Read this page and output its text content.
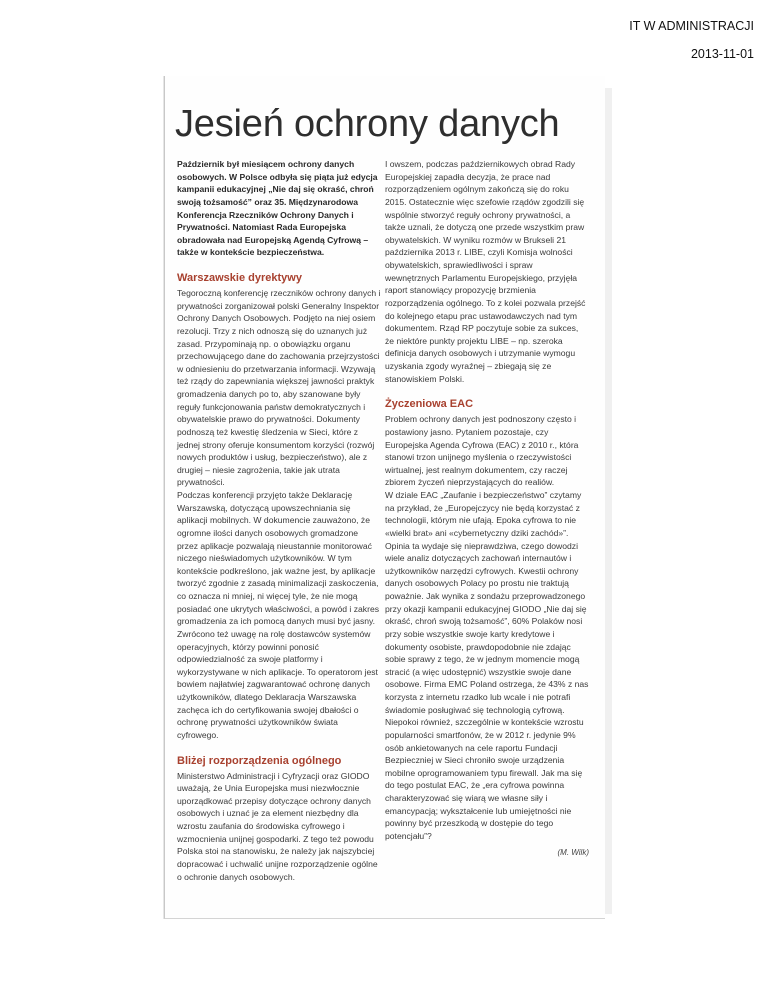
IT W ADMINISTRACJI

2013-11-01

Jesień ochrony danych

Październik był miesiącem ochrony danych osobowych. W Polsce odbyła się piąta już edycja kampanii edukacyjnej „Nie daj się okraść, chroń swoją tożsamość” oraz 35. Międzynarodowa Konferencja Rzeczników Ochrony Danych i Prywatności. Natomiast Rada Europejska obradowała nad Europejską Agendą Cyfrową – także w kontekście bezpieczeństwa.

Warszawskie dyrektywy

Tegoroczną konferencję rzeczników ochrony danych i prywatności zorganizował polski Generalny Inspektor Ochrony Danych Osobowych. Podjęto na niej osiem rezolucji. Trzy z nich odnoszą się do uznanych już zasad. Przypominają np. o obowiązku organu przechowującego dane do zachowania przejrzystości w odniesieniu do przetwarzania informacji. Wzywają też rządy do zapewniania większej jawności praktyk gromadzenia danych po to, aby szanowane były reguły funkcjonowania państw demokratycznych i obywatelskie prawo do prywatności. Dokumenty podnoszą też kwestię śledzenia w Sieci, które z jednej strony oferuje konsumentom korzyści (rozwój nowych produktów i usług, bezpieczeństwo), ale z drugiej – niesie zagrożenia, takie jak utrata prywatności.

Podczas konferencji przyjęto także Deklarację Warszawską, dotyczącą upowszechniania się aplikacji mobilnych. W dokumencie zauważono, że ogromne ilości danych osobowych gromadzone przez aplikacje pozwalają nieustannie monitorować niczego nieświadomych użytkowników. W tym kontekście podkreślono, jak ważne jest, by aplikacje tworzyć zgodnie z zasadą minimalizacji zaskoczenia, co oznacza ni mniej, ni więcej tyle, że nie mogą posiadać one ukrytych właściwości, a powód i zakres gromadzenia za ich pomocą danych musi być jasny. Zwrócono też uwagę na rolę dostawców systemów operacyjnych, którzy powinni ponosić odpowiedzialność za swoje platformy i wykorzystywane w nich aplikacje. To operatorom jest bowiem najłatwiej zagwarantować ochronę danych użytkowników, dlatego Deklaracja Warszawska zachęca ich do certyfikowania swojej dbałości o ochronę prywatności użytkowników świata cyfrowego.

Bliżej rozporządzenia ogólnego

Ministerstwo Administracji i Cyfryzacji oraz GIODO uważają, że Unia Europejska musi niezwłocznie uporządkować przepisy dotyczące ochrony danych osobowych i uznać je za element niezbędny dla wzrostu zaufania do środowiska cyfrowego i wzmocnienia unijnej gospodarki. Z tego też powodu Polska stoi na stanowisku, że należy jak najszybciej dopracować i uchwalić unijne rozporządzenie ogólne o ochronie danych osobowych.

I owszem, podczas październikowych obrad Rady Europejskiej zapadła decyzja, że prace nad rozporządzeniem ogólnym zakończą się do roku 2015. Ostatecznie więc szefowie rządów zgodzili się wspólnie stworzyć reguły ochrony prywatności, a także uznali, że dotyczą one przede wszystkim praw obywatelskich. W wyniku rozmów w Brukseli 21 października 2013 r. LIBE, czyli Komisja wolności obywatelskich, sprawiedliwości i spraw wewnętrznych Parlamentu Europejskiego, przyjęła raport stanowiący propozycję brzmienia rozporządzenia ogólnego. To z kolei pozwala przejść do kolejnego etapu prac ustawodawczych nad tym dokumentem. Rząd RP poczytuje sobie za sukces, że niektóre punkty projektu LIBE – np. szeroka definicja danych osobowych i utrzymanie wymogu uzyskania zgody wyraźnej – zbiegają się ze stanowiskiem Polski.

Życzeniowa EAC

Problem ochrony danych jest podnoszony często i postawiony jasno. Pytaniem pozostaje, czy Europejska Agenda Cyfrowa (EAC) z 2010 r., która stanowi trzon unijnego myślenia o rzeczywistości wirtualnej, jest realnym dokumentem, czy raczej zbiorem życzeń nieprzystających do realiów.

W dziale EAC „Zaufanie i bezpieczeństwo” czytamy na przykład, że „Europejczycy nie będą korzystać z technologii, którym nie ufają. Epoka cyfrowa to nie «wielki brat» ani «cybernetyczny dziki zachód»”. Opinia ta wydaje się nieprawdziwa, czego dowodzi wiele analiz dotyczących zachowań internautów i użytkowników narzędzi cyfrowych. Kwestii ochrony danych osobowych Polacy po prostu nie traktują poważnie. Jak wynika z sondażu przeprowadzonego przy okazji kampanii edukacyjnej GIODO „Nie daj się okraść, chroń swoją tożsamość”, 60% Polaków nosi przy sobie wszystkie swoje karty kredytowe i dokumenty osobiste, prawdopodobnie nie zdając sobie sprawy z tego, że w jednym momencie mogą stracić (a więc udostępnić) wszystkie swoje dane osobowe. Firma EMC Poland ostrzega, że 43% z nas korzysta z internetu rzadko lub wcale i nie potrafi świadomie posługiwać się technologią cyfrową. Niepokoi również, szczególnie w kontekście wzrostu popularności smartfonów, że w 2012 r. jedynie 9% osób ankietowanych na cele raportu Fundacji Bezpieczniej w Sieci chroniło swoje urządzenia mobilne oprogramowaniem typu firewall. Jak ma się do tego postulat EAC, że „era cyfrowa powinna charakteryzować się wiarą we własne siły i emancypacją; wykształcenie lub umiejętności nie powinny być przeszkodą w dostępie do tego potencjału”?

(M. Wilk)
